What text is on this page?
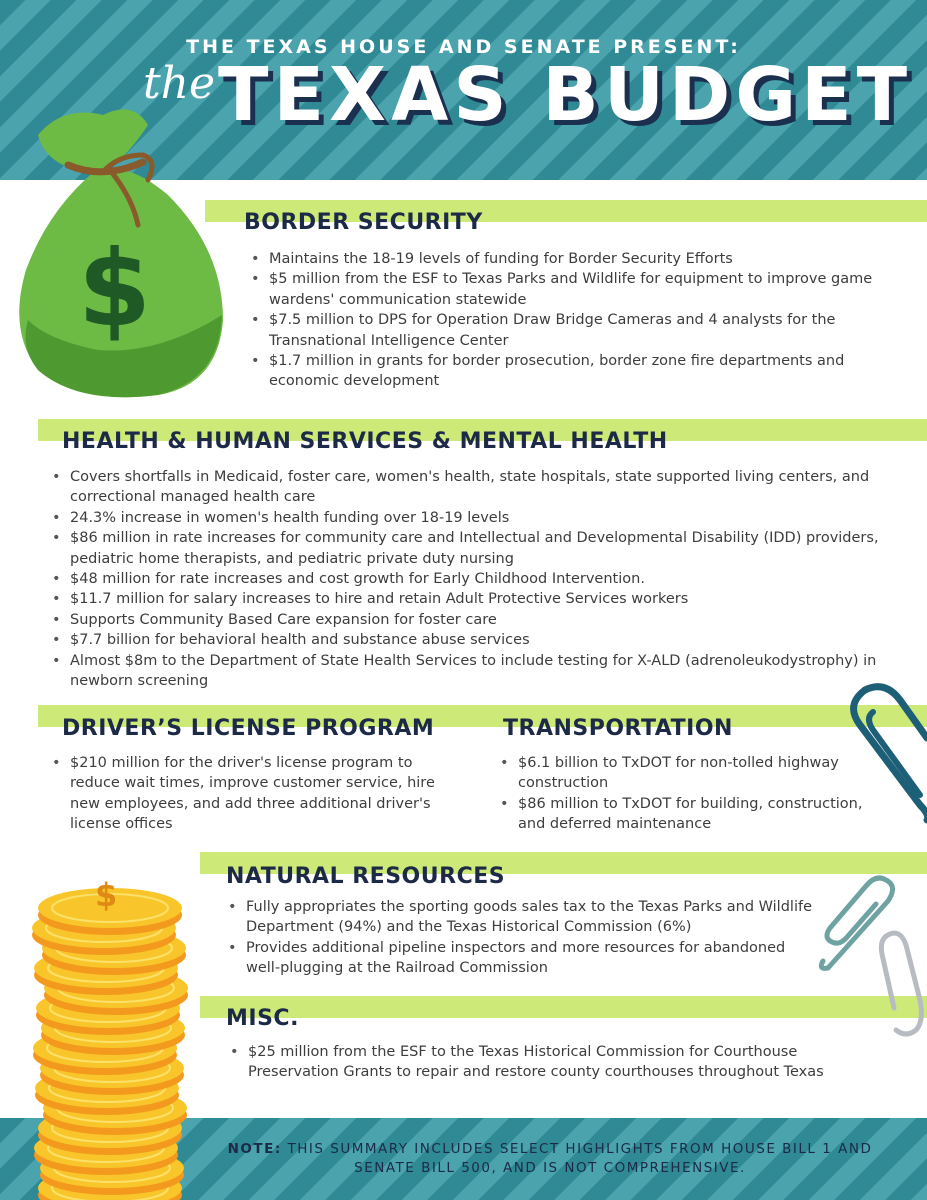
THE TEXAS HOUSE AND SENATE PRESENT:
the TEXAS BUDGET
$
BORDER SECURITY
• Maintains the 18-19 levels of funding for Border Security Efforts
• $5 million from the ESF to Texas Parks and Wildlife for equipment to improve game wardens' communication statewide
• $7.5 million to DPS for Operation Draw Bridge Cameras and 4 analysts for the Transnational Intelligence Center
• $1.7 million in grants for border prosecution, border zone fire departments and economic development
HEALTH & HUMAN SERVICES & MENTAL HEALTH
• Covers shortfalls in Medicaid, foster care, women's health, state hospitals, state supported living centers, and correctional managed health care
• 24.3% increase in women's health funding over 18-19 levels
• $86 million in rate increases for community care and Intellectual and Developmental Disability (IDD) providers, pediatric home therapists, and pediatric private duty nursing
• $48 million for rate increases and cost growth for Early Childhood Intervention.
• $11.7 million for salary increases to hire and retain Adult Protective Services workers
• Supports Community Based Care expansion for foster care
• $7.7 billion for behavioral health and substance abuse services
• Almost $8m to the Department of State Health Services to include testing for X-ALD (adrenoleukodystrophy) in newborn screening
DRIVER’S LICENSE PROGRAM
• $210 million for the driver's license program to reduce wait times, improve customer service, hire new employees, and add three additional driver's license offices
TRANSPORTATION
• $6.1 billion to TxDOT for non-tolled highway construction
• $86 million to TxDOT for building, construction, and deferred maintenance
NATURAL RESOURCES
• Fully appropriates the sporting goods sales tax to the Texas Parks and Wildlife Department (94%) and the Texas Historical Commission (6%)
• Provides additional pipeline inspectors and more resources for abandoned well-plugging at the Railroad Commission
MISC.
• $25 million from the ESF to the Texas Historical Commission for Courthouse Preservation Grants to repair and restore county courthouses throughout Texas
$
NOTE: THIS SUMMARY INCLUDES SELECT HIGHLIGHTS FROM HOUSE BILL 1 AND SENATE BILL 500, AND IS NOT COMPREHENSIVE.
